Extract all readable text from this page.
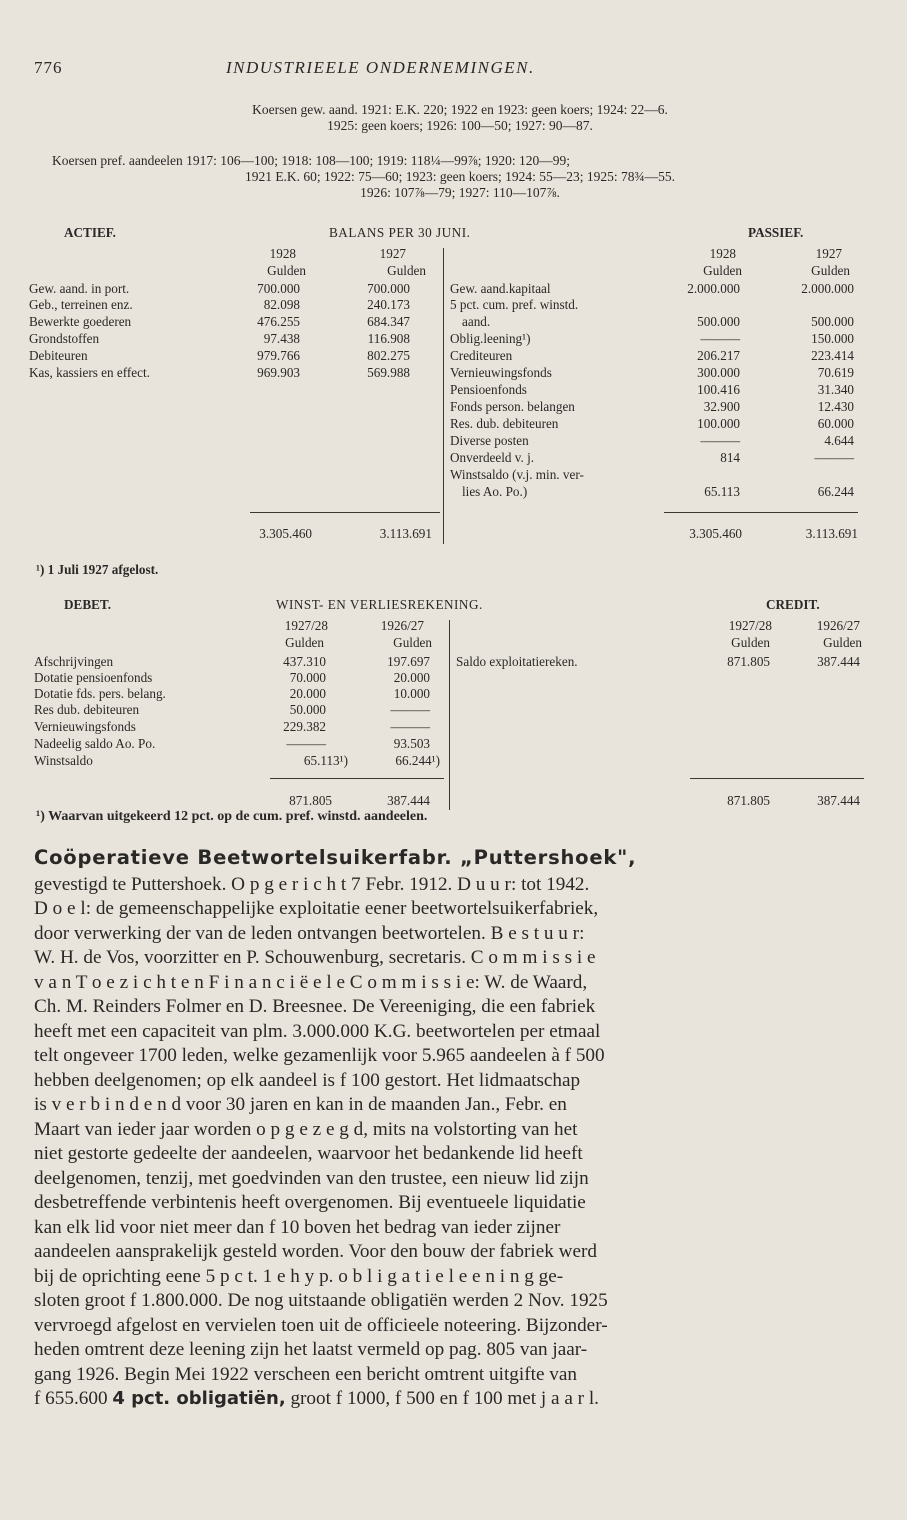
776	INDUSTRIEELE ONDERNEMINGEN.
Koersen gew. aand. 1921: E.K. 220; 1922 en 1923: geen koers; 1924: 22—6.
1925: geen koers; 1926: 100—50; 1927: 90—87.
Koersen pref. aandeelen 1917: 106—100; 1918: 108—100; 1919: 118¼—99⅞; 1920: 120—99;
1921 E.K. 60; 1922: 75—60; 1923: geen koers; 1924: 55—23; 1925: 78¾—55.
1926: 107⅞—79; 1927: 110—107⅞.
ACTIEF.	BALANS PER 30 JUNI.	PASSIEF.
1928	1927	1928	1927
Gulden	Gulden	Gulden	Gulden
Gew. aand. in port.	700.000	700.000
Geb., terreinen enz.	82.098	240.173
Bewerkte goederen	476.255	684.347
Grondstoffen	97.438	116.908
Debiteuren	979.766	802.275
Kas, kassiers en effect.	969.903	569.988
Gew. aand.kapitaal	2.000.000	2.000.000
5 pct. cum. pref. winstd.
aand.	500.000	500.000
Oblig.leening¹)	———	150.000
Crediteuren	206.217	223.414
Vernieuwingsfonds	300.000	70.619
Pensioenfonds	100.416	31.340
Fonds person. belangen	32.900	12.430
Res. dub. debiteuren	100.000	60.000
Diverse posten	———	4.644
Onverdeeld v. j.	814	———
Winstsaldo (v.j. min. ver-
lies Ao. Po.)	65.113	66.244
3.305.460	3.113.691	3.305.460	3.113.691
¹) 1 Juli 1927 afgelost.
DEBET.	WINST- EN VERLIESREKENING.	CREDIT.
1927/28	1926/27	1927/28	1926/27
Gulden	Gulden	Gulden	Gulden
Afschrijvingen	437.310	197.697
Dotatie pensioenfonds	70.000	20.000
Dotatie fds. pers. belang.	20.000	10.000
Res dub. debiteuren	50.000	———
Vernieuwingsfonds	229.382	———
Nadeelig saldo Ao. Po.	———	93.503
Winstsaldo	65.113¹)	66.244¹)
Saldo exploitatiereken.	871.805	387.444
871.805	387.444	871.805	387.444
¹) Waarvan uitgekeerd 12 pct. op de cum. pref. winstd. aandeelen.
Coöperatieve Beetwortelsuikerfabr. „Puttershoek",
gevestigd te Puttershoek. O p g e r i c h t 7 Febr. 1912. D u u r: tot 1942.
D o e l: de gemeenschappelijke exploitatie eener beetwortelsuikerfabriek,
door verwerking der van de leden ontvangen beetwortelen. B e s t u u r:
W. H. de Vos, voorzitter en P. Schouwenburg, secretaris. C o m m i s s i e
v a n T o e z i c h t e n F i n a n c i ë e l e C o m m i s s i e: W. de Waard,
Ch. M. Reinders Folmer en D. Breesnee. De Vereeniging, die een fabriek
heeft met een capaciteit van plm. 3.000.000 K.G. beetwortelen per etmaal
telt ongeveer 1700 leden, welke gezamenlijk voor 5.965 aandeelen à f 500
hebben deelgenomen; op elk aandeel is f 100 gestort. Het lidmaatschap
is v e r b i n d e n d voor 30 jaren en kan in de maanden Jan., Febr. en
Maart van ieder jaar worden o p g e z e g d, mits na volstorting van het
niet gestorte gedeelte der aandeelen, waarvoor het bedankende lid heeft
deelgenomen, tenzij, met goedvinden van den trustee, een nieuw lid zijn
desbetreffende verbintenis heeft overgenomen. Bij eventueele liquidatie
kan elk lid voor niet meer dan f 10 boven het bedrag van ieder zijner
aandeelen aansprakelijk gesteld worden. Voor den bouw der fabriek werd
bij de oprichting eene 5 p c t. 1 e h y p. o b l i g a t i e l e e n i n g ge-
sloten groot f 1.800.000. De nog uitstaande obligatiën werden 2 Nov. 1925
vervroegd afgelost en vervielen toen uit de officieele noteering. Bijzonder-
heden omtrent deze leening zijn het laatst vermeld op pag. 805 van jaar-
gang 1926. Begin Mei 1922 verscheen een bericht omtrent uitgifte van
f 655.600 4 pct. obligatiën, groot f 1000, f 500 en f 100 met j a a r l.
